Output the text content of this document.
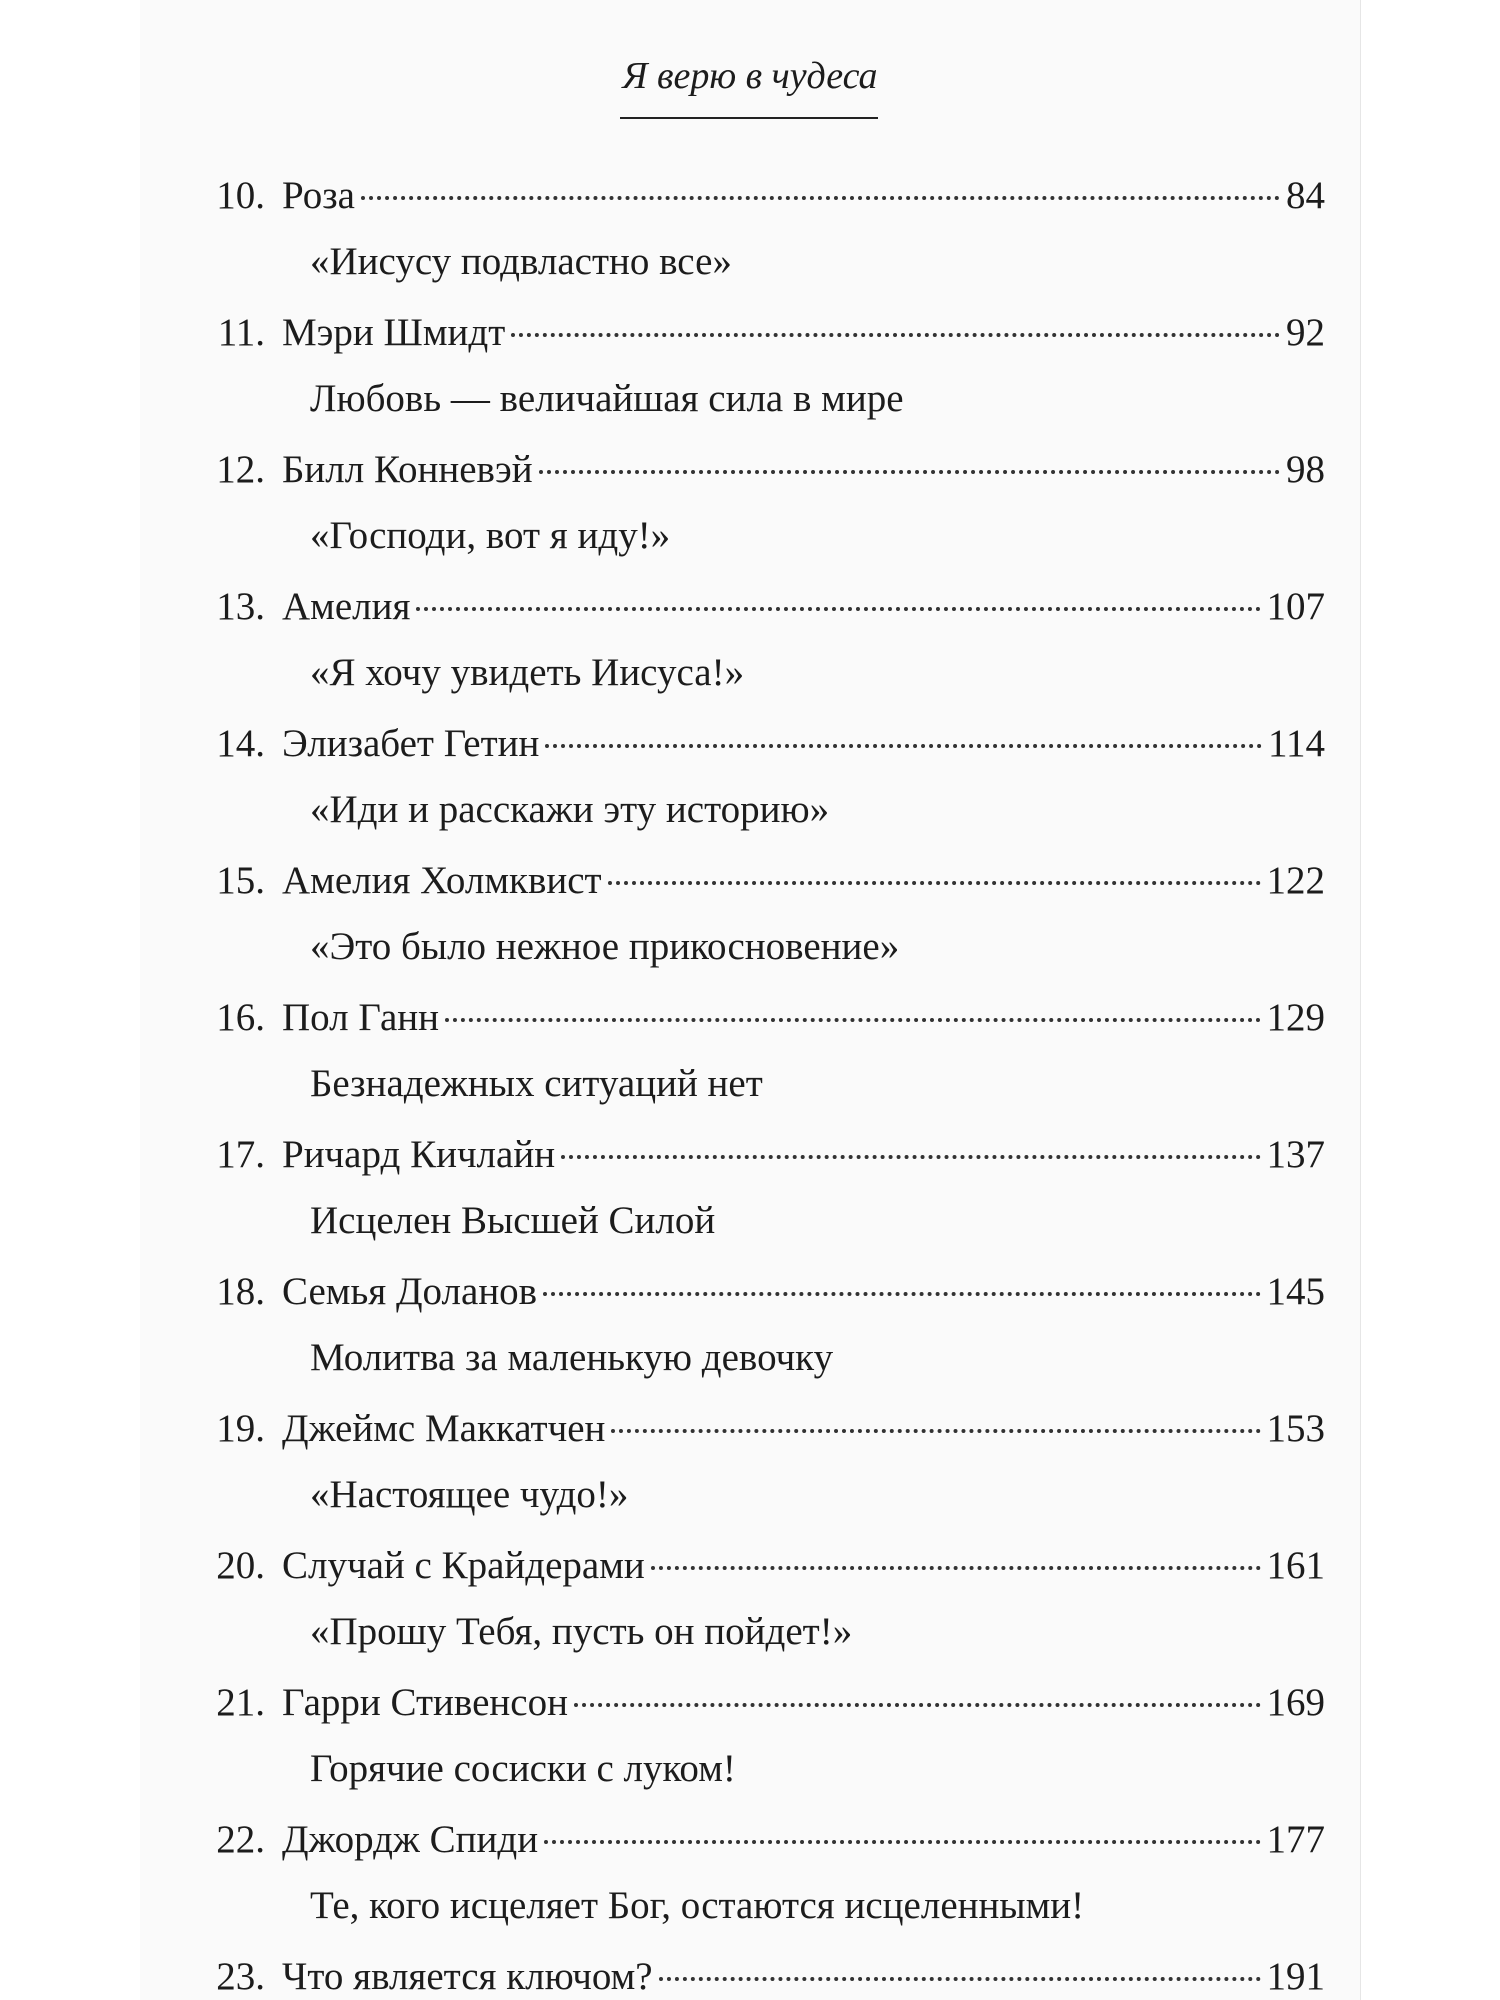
Я верю в чудеса
10. Роза	84
«Иисусу подвластно все»
11. Мэри Шмидт	92
Любовь — величайшая сила в мире
12. Билл Конневэй	98
«Господи, вот я иду!»
13. Амелия	107
«Я хочу увидеть Иисуса!»
14. Элизабет Гетин	114
«Иди и расскажи эту историю»
15. Амелия Холмквист	122
«Это было нежное прикосновение»
16. Пол Ганн	129
Безнадежных ситуаций нет
17. Ричард Кичлайн	137
Исцелен Высшей Силой
18. Семья Доланов	145
Молитва за маленькую девочку
19. Джеймс Маккатчен	153
«Настоящее чудо!»
20. Случай с Крайдерами	161
«Прошу Тебя, пусть он пойдет!»
21. Гарри Стивенсон	169
Горячие сосиски с луком!
22. Джордж Спиди	177
Те, кого исцеляет Бог, остаются исцеленными!
23. Что является ключом?	191
